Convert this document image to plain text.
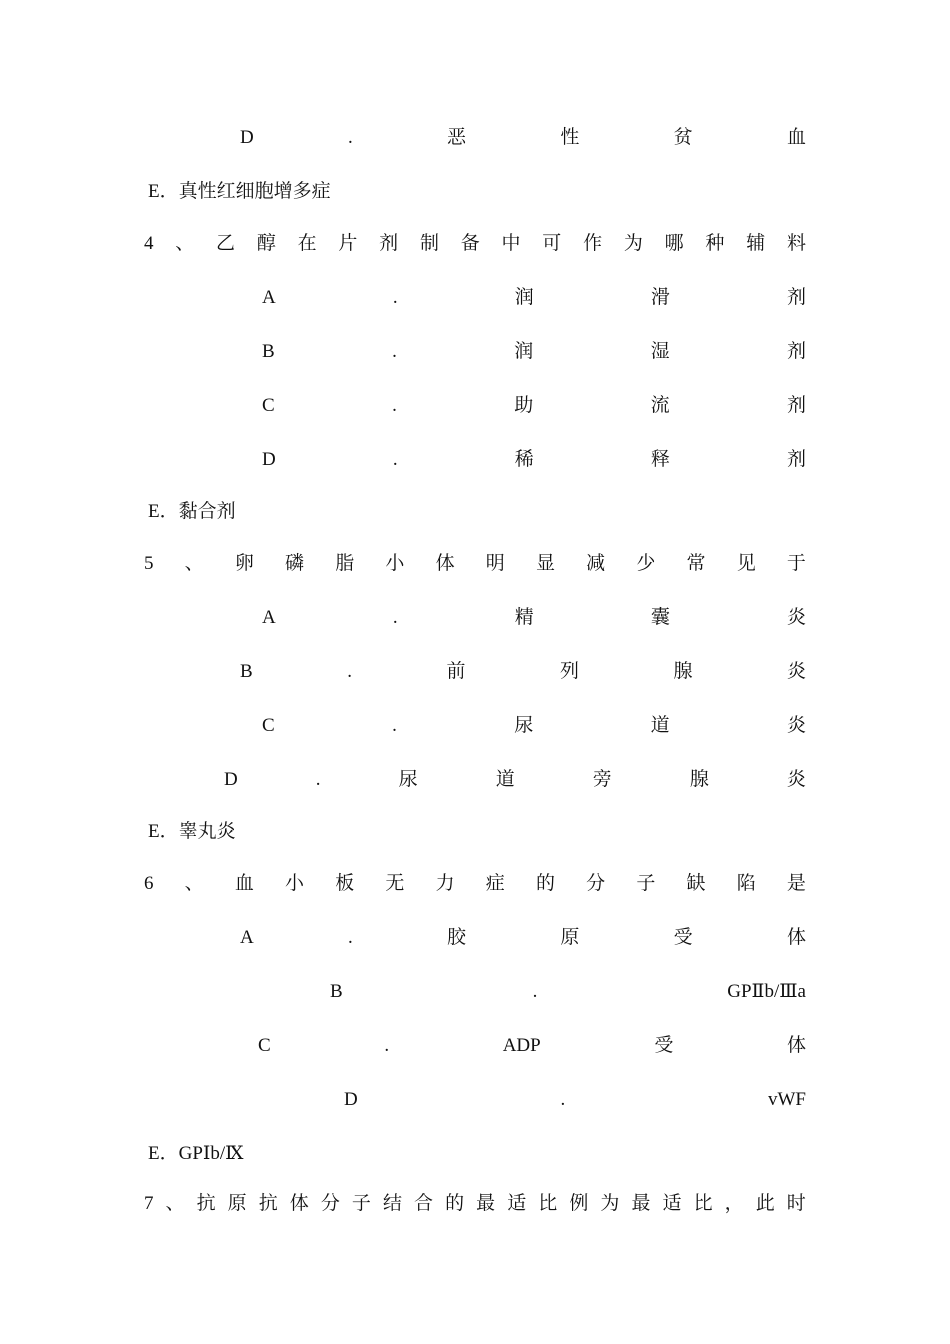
D	.	恶	性	贫	血
E．真性红细胞增多症
4 、 乙 醇 在 片 剂 制 备 中 可 作 为 哪 种 辅 料
A	.	润	滑	剂
B	.	润	湿	剂
C	.	助	流	剂
D	.	稀	释	剂
E．黏合剂
5 、 卵 磷 脂 小 体 明 显 减 少 常 见 于
A	.	精	囊	炎
B	.	前	列	腺	炎
C	.	尿	道	炎
D	.	尿	道	旁	腺	炎
E．睾丸炎
6 、 血 小 板 无 力 症 的 分 子 缺 陷 是
A	.	胶	原	受	体
B	.	GPⅡb/Ⅲa
C	.	ADP	受	体
D	.	vWF
E．GPⅠb/Ⅸ
7 、 抗 原 抗 体 分 子 结 合 的 最 适 比 例 为 最 适 比 ， 此 时
